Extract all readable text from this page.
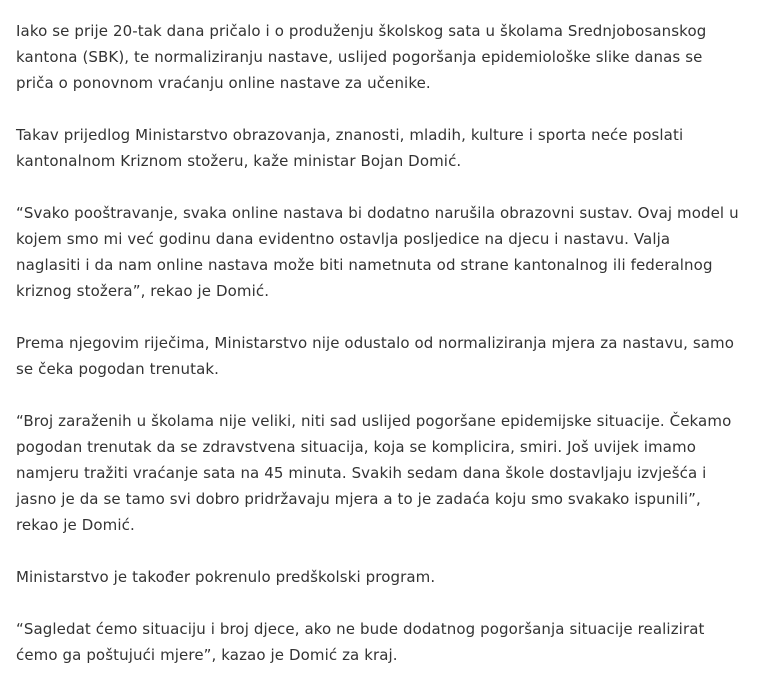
Iako se prije 20-tak dana pričalo i o produženju školskog sata u školama Srednjobosanskog kantona (SBK), te normaliziranju nastave, uslijed pogoršanja epidemiološke slike danas se priča o ponovnom vraćanju online nastave za učenike.

Takav prijedlog Ministarstvo obrazovanja, znanosti, mladih, kulture i sporta neće poslati kantonalnom Kriznom stožeru, kaže ministar Bojan Domić.

“Svako pooštravanje, svaka online nastava bi dodatno narušila obrazovni sustav. Ovaj model u kojem smo mi već godinu dana evidentno ostavlja posljedice na djecu i nastavu. Valja naglasiti i da nam online nastava može biti nametnuta od strane kantonalnog ili federalnog kriznog stožera”, rekao je Domić.

Prema njegovim riječima, Ministarstvo nije odustalo od normaliziranja mjera za nastavu, samo se čeka pogodan trenutak.

“Broj zaraženih u školama nije veliki, niti sad uslijed pogoršane epidemijske situacije. Čekamo pogodan trenutak da se zdravstvena situacija, koja se komplicira, smiri. Još uvijek imamo namjeru tražiti vraćanje sata na 45 minuta. Svakih sedam dana škole dostavljaju izvješća i jasno je da se tamo svi dobro pridržavaju mjera a to je zadaća koju smo svakako ispunili”, rekao je Domić.

Ministarstvo je također pokrenulo predškolski program.

“Sagledat ćemo situaciju i broj djece, ako ne bude dodatnog pogoršanja situacije realizirat ćemo ga poštujući mjere”, kazao je Domić za kraj.
